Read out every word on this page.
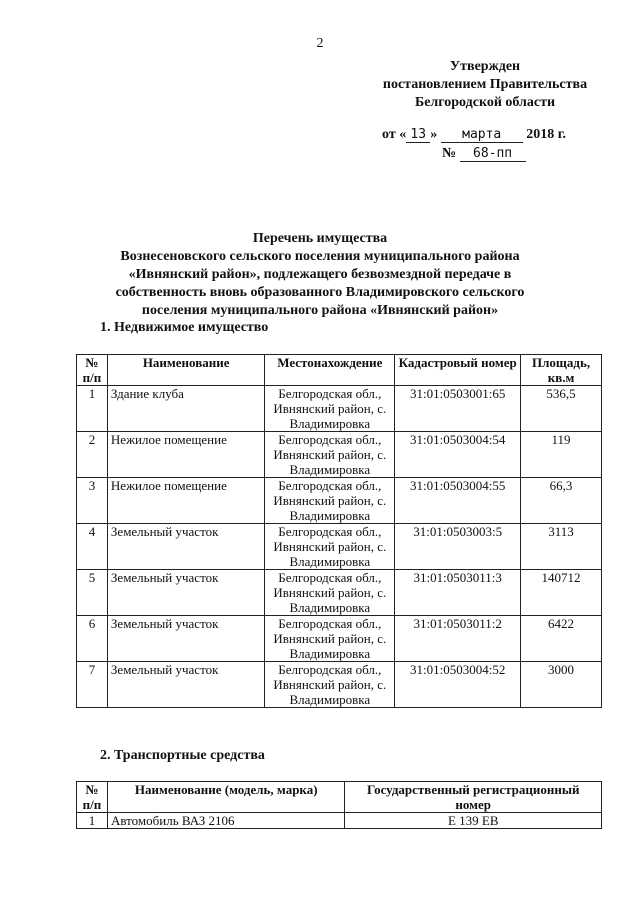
2
Утвержден
постановлением Правительства
Белгородской области
от « 13 » марта 2018 г.
№ 68-пп
Перечень имущества
Вознесеновского сельского поселения муниципального района
«Ивнянский район», подлежащего безвозмездной передаче в
собственность вновь образованного Владимировского сельского
поселения муниципального района «Ивнянский район»
1. Недвижимое имущество
№ п/п	Наименование	Местонахождение	Кадастровый номер	Площадь, кв.м
1	Здание клуба	Белгородская обл., Ивнянский район, с. Владимировка	31:01:0503001:65	536,5
2	Нежилое помещение	Белгородская обл., Ивнянский район, с. Владимировка	31:01:0503004:54	119
3	Нежилое помещение	Белгородская обл., Ивнянский район, с. Владимировка	31:01:0503004:55	66,3
4	Земельный участок	Белгородская обл., Ивнянский район, с. Владимировка	31:01:0503003:5	3113
5	Земельный участок	Белгородская обл., Ивнянский район, с. Владимировка	31:01:0503011:3	140712
6	Земельный участок	Белгородская обл., Ивнянский район, с. Владимировка	31:01:0503011:2	6422
7	Земельный участок	Белгородская обл., Ивнянский район, с. Владимировка	31:01:0503004:52	3000
2. Транспортные средства
№ п/п	Наименование (модель, марка)	Государственный регистрационный номер
1	Автомобиль ВАЗ 2106	Е 139 ЕВ
